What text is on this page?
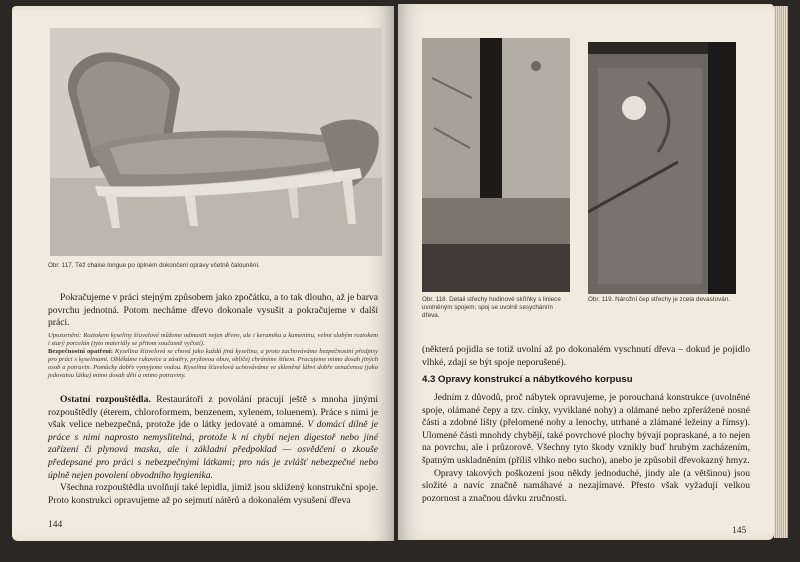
Obr. 117. Též chaise longue po úplném dokončení opravy včetně čalounění.

Pokračujeme v práci stejným způsobem jako zpočátku, a to tak dlouho, až je barva povrchu jednotná. Potom necháme dřevo dokonale vysušit a pokračujeme v další práci.

Upozornění: Roztokem kyseliny šťavelové můžeme odmastit nejen dřevo, ale i keramiku a kameninu, velmi slabým roztokem i starý porcelán (tyto materiály se přitom současně vyčistí).

Bezpečnostní opatření: Kyselina šťavelová se chová jako každá jiná kyselina, a proto zachováváme bezpečnostní předpisy pro práci s kyselinami. Oblékáme rukavice a zástěry, pryžovou obuv, obličej chráníme štítem. Pracujeme mimo dosah jiných osob a potravin. Pomůcky dobře vymyjeme vodou. Kyselina šťavelová uchováváme ve skleněné láhvi dobře označenou (jako jedovatou látku) mimo dosah dětí a mimo potraviny.

Ostatní rozpouštědla. Restaurátoři z povolání pracují ještě s mnoha jinými rozpouštědly (éterem, chloroformem, benzenem, xylenem, toluenem). Práce s nimi je však velice nebezpečná, protože jde o látky jedovaté a omamné. V domácí dílně je práce s nimi naprosto nemyslitelná, protože k ní chybí nejen digestoř nebo jiné zařízení či plynová maska, ale i základní předpoklad — osvědčení o zkouše předepsané pro práci s nebezpečnými látkami; pro nás je zvlášť nebezpečné nebo úplně nejen povolení obvodního hygienika.

Všechna rozpouštědla uvolňují také lepidla, jimiž jsou skližený konstrukční spoje. Proto konstrukci opravujeme až po sejmutí nátěrů a dokonalém vysušení dřeva

144

Obr. 118. Detail střechy hodinové skříňky s liniece uvolněným spojem; spoj se uvolnil sesycháním dřeva.

Obr. 119. Nárožní čep střechy je zcela devastován.

(některá pojidla se totiž uvolní až po dokonalém vyschnutí dřeva – dokud je pojidlo vlhké, zdají se být spoje neporušené).

4.3 Opravy konstrukcí a nábytkového korpusu

Jedním z důvodů, proč nábytek opravujeme, je porouchaná konstrukce (uvolněné spoje, olámané čepy a tzv. cinky, vyviklané nohy) a olámané nebo zpřerážené nosné části a zdobné lišty (přelomené nohy a lenochy, utrhané a zlámané ležeiny a římsy). Ulomené části mnohdy chybějí, také povrchové plochy bývají popraskané, a to nejen na povrchu, ale i průzorově. Všechny tyto škody vznikly buď hrubým zacházením, špatným uskladněním (příliš vlhko nebo sucho), anebo je způsobil dřevokazný hmyz.

Opravy takových poškození jsou někdy jednoduché, jindy ale (a většinou) jsou složité a navíc značně namáhavé a nezajímavé. Přesto však vyžadují velkou pozornost a značnou dávku zručnosti.

145
